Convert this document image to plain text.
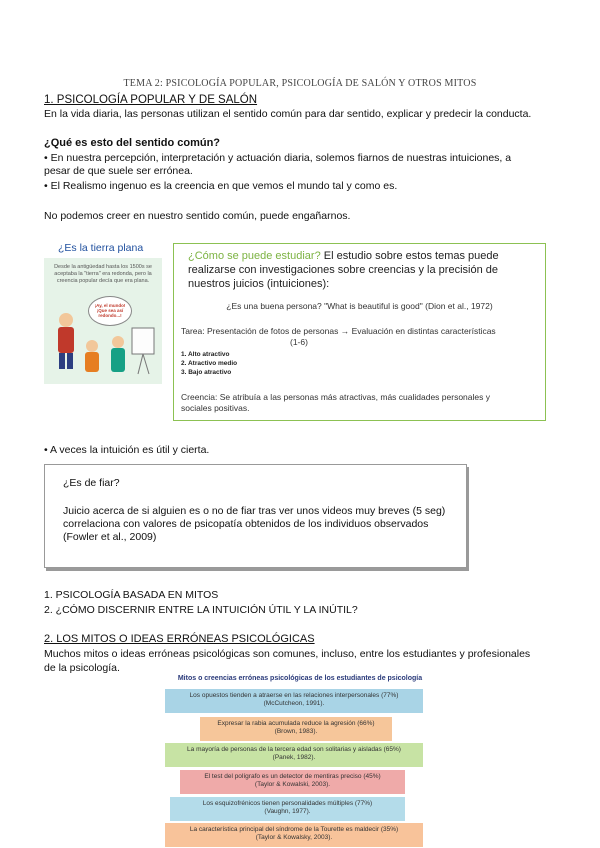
TEMA 2: PSICOLOGÍA POPULAR, PSICOLOGÍA DE SALÓN Y OTROS MITOS
1. PSICOLOGÍA POPULAR Y DE SALÓN
En la vida diaria, las personas utilizan el sentido común para dar sentido, explicar y predecir la conducta.
¿Qué es esto del sentido común?
• En nuestra percepción, interpretación y actuación diaria, solemos fiarnos de nuestras intuiciones, a
pesar de que suele ser errónea.
• El Realismo ingenuo es la creencia en que vemos el mundo tal y como es.
No podemos creer en nuestro sentido común, puede engañarnos.
¿Es la tierra plana
Desde la antigüedad hasta los 1500s se aceptaba la "tierra" era redonda, pero la creencia popular decía que era plana.
¡Ay, el mundo! ¡Que sea así redondo...!
¿Cómo se puede estudiar? El estudio sobre estos temas puede realizarse con investigaciones sobre creencias y la precisión de nuestros juicios (intuiciones):
¿Es una buena persona? "What is beautiful is good" (Dion et al., 1972)
Tarea: Presentación de fotos de personas → Evaluación en distintas características
(1-6)
1. Alto atractivo
2. Atractivo medio
3. Bajo atractivo
Creencia: Se atribuía a las personas más atractivas, más cualidades personales y
sociales positivas.
• A veces la intuición es útil y cierta.
¿Es de fiar?
Juicio acerca de si alguien es o no de fiar tras ver unos videos muy breves (5 seg) correlaciona con valores de psicopatía obtenidos de los individuos observados (Fowler et al., 2009)
1. PSICOLOGÍA BASADA EN MITOS
2. ¿CÓMO DISCERNIR ENTRE LA INTUICIÓN ÚTIL Y LA INÚTIL?
2. LOS MITOS O IDEAS ERRÓNEAS PSICOLÓGICAS
Muchos mitos o ideas erróneas psicológicas son comunes, incluso, entre los estudiantes y profesionales
de la psicología.
Mitos o creencias erróneas psicológicas de los estudiantes de psicología
Los opuestos tienden a atraerse en las relaciones interpersonales (77%)
(McCutcheon, 1991).
Expresar la rabia acumulada reduce la agresión (66%)
(Brown, 1983).
La mayoría de personas de la tercera edad son solitarias y aisladas (65%)
(Panek, 1982).
El test del polígrafo es un detector de mentiras preciso (45%)
(Taylor & Kowalski, 2003).
Los esquizofrénicos tienen personalidades múltiples (77%)
(Vaughn, 1977).
La característica principal del síndrome de la Tourette es maldecir (35%)
(Taylor & Kowalsky, 2003).
